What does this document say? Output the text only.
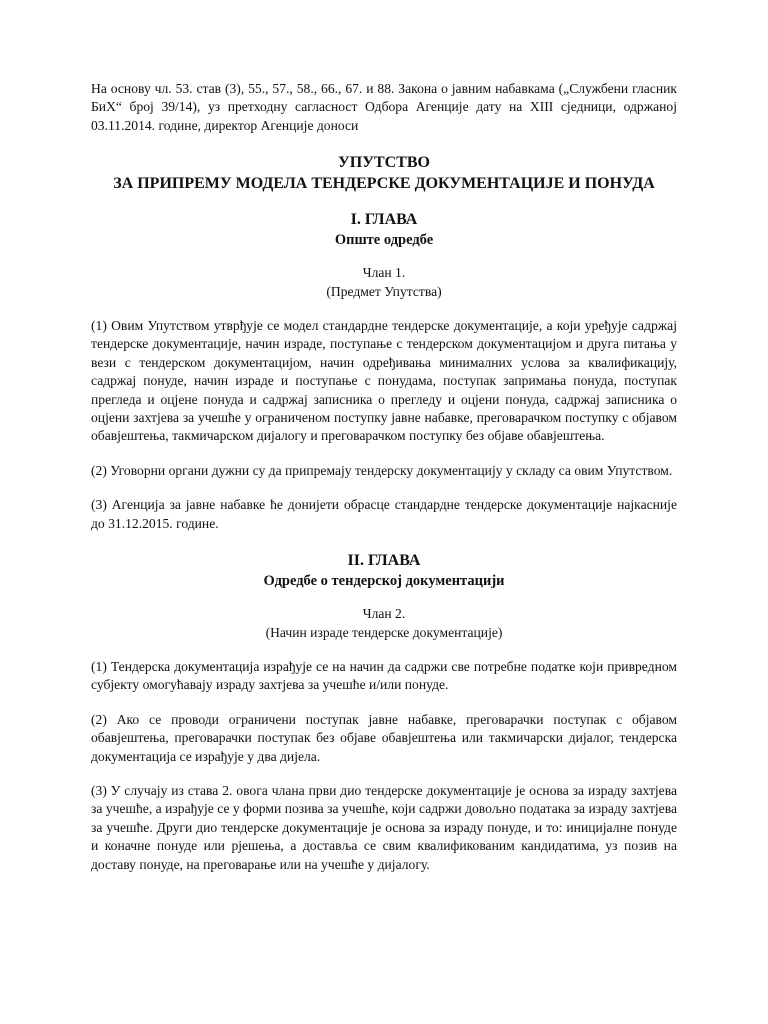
На основу чл. 53. став (3), 55., 57., 58., 66., 67. и 88. Закона о јавним набавкама („Службени гласник БиХ“ број 39/14), уз претходну сагласност Одбора Агенције дату на XIII сједници, одржаној 03.11.2014. године, директор Агенције доноси

УПУТСТВО

ЗА ПРИПРЕМУ МОДЕЛА ТЕНДЕРСКЕ ДОКУМЕНТАЦИЈЕ И ПОНУДА

I. ГЛАВА

Опште одредбе

Члан 1.

(Предмет Упутства)

(1) Овим Упутством утврђује се модел стандардне тендерске документације, а који уређује садржај тендерске документације, начин израде, поступање с тендерском документацијом и друга питања у вези с тендерском документацијом, начин одређивања минималних услова за квалификацију, садржај понуде, начин израде и поступање с понудама, поступак запримања понуда, поступак прегледа и оцјене понуда и садржај записника о прегледу и оцјени понуда, садржај записника о оцјени захтјева за учешће у ограниченом поступку јавне набавке, преговарачком поступку с објавом обавјештења, такмичарском дијалогу и преговарачком поступку без објаве обавјештења.

(2) Уговорни органи дужни су да припремају тендерску документацију у складу са овим Упутством.

(3) Агенција за јавне набавке ће донијети обрасце стандардне тендерске документације најкасније до 31.12.2015. године.

II. ГЛАВА

Одредбе о тендерској документацији

Члан 2.

(Начин израде тендерске документације)

(1) Тендерска документација израђује се на начин да садржи све потребне податке који привредном субјекту омогућавају израду захтјева за учешће и/или понуде.

(2) Ако се проводи ограничени поступак јавне набавке, преговарачки поступак с објавом обавјештења, преговарачки поступак без објаве обавјештења или такмичарски дијалог, тендерска документација се израђује у два дијела.

(3) У случају из става 2. овога члана први дио тендерске документације је основа за израду захтјева за учешће, а израђује се у форми позива за учешће, који садржи довољно података за израду захтјева за учешће. Други дио тендерске документације је основа за израду понуде, и то: иницијалне понуде и коначне понуде или рјешења, а доставља се свим квалификованим кандидатима, уз позив на доставу понуде, на преговарање или на учешће у дијалогу.
